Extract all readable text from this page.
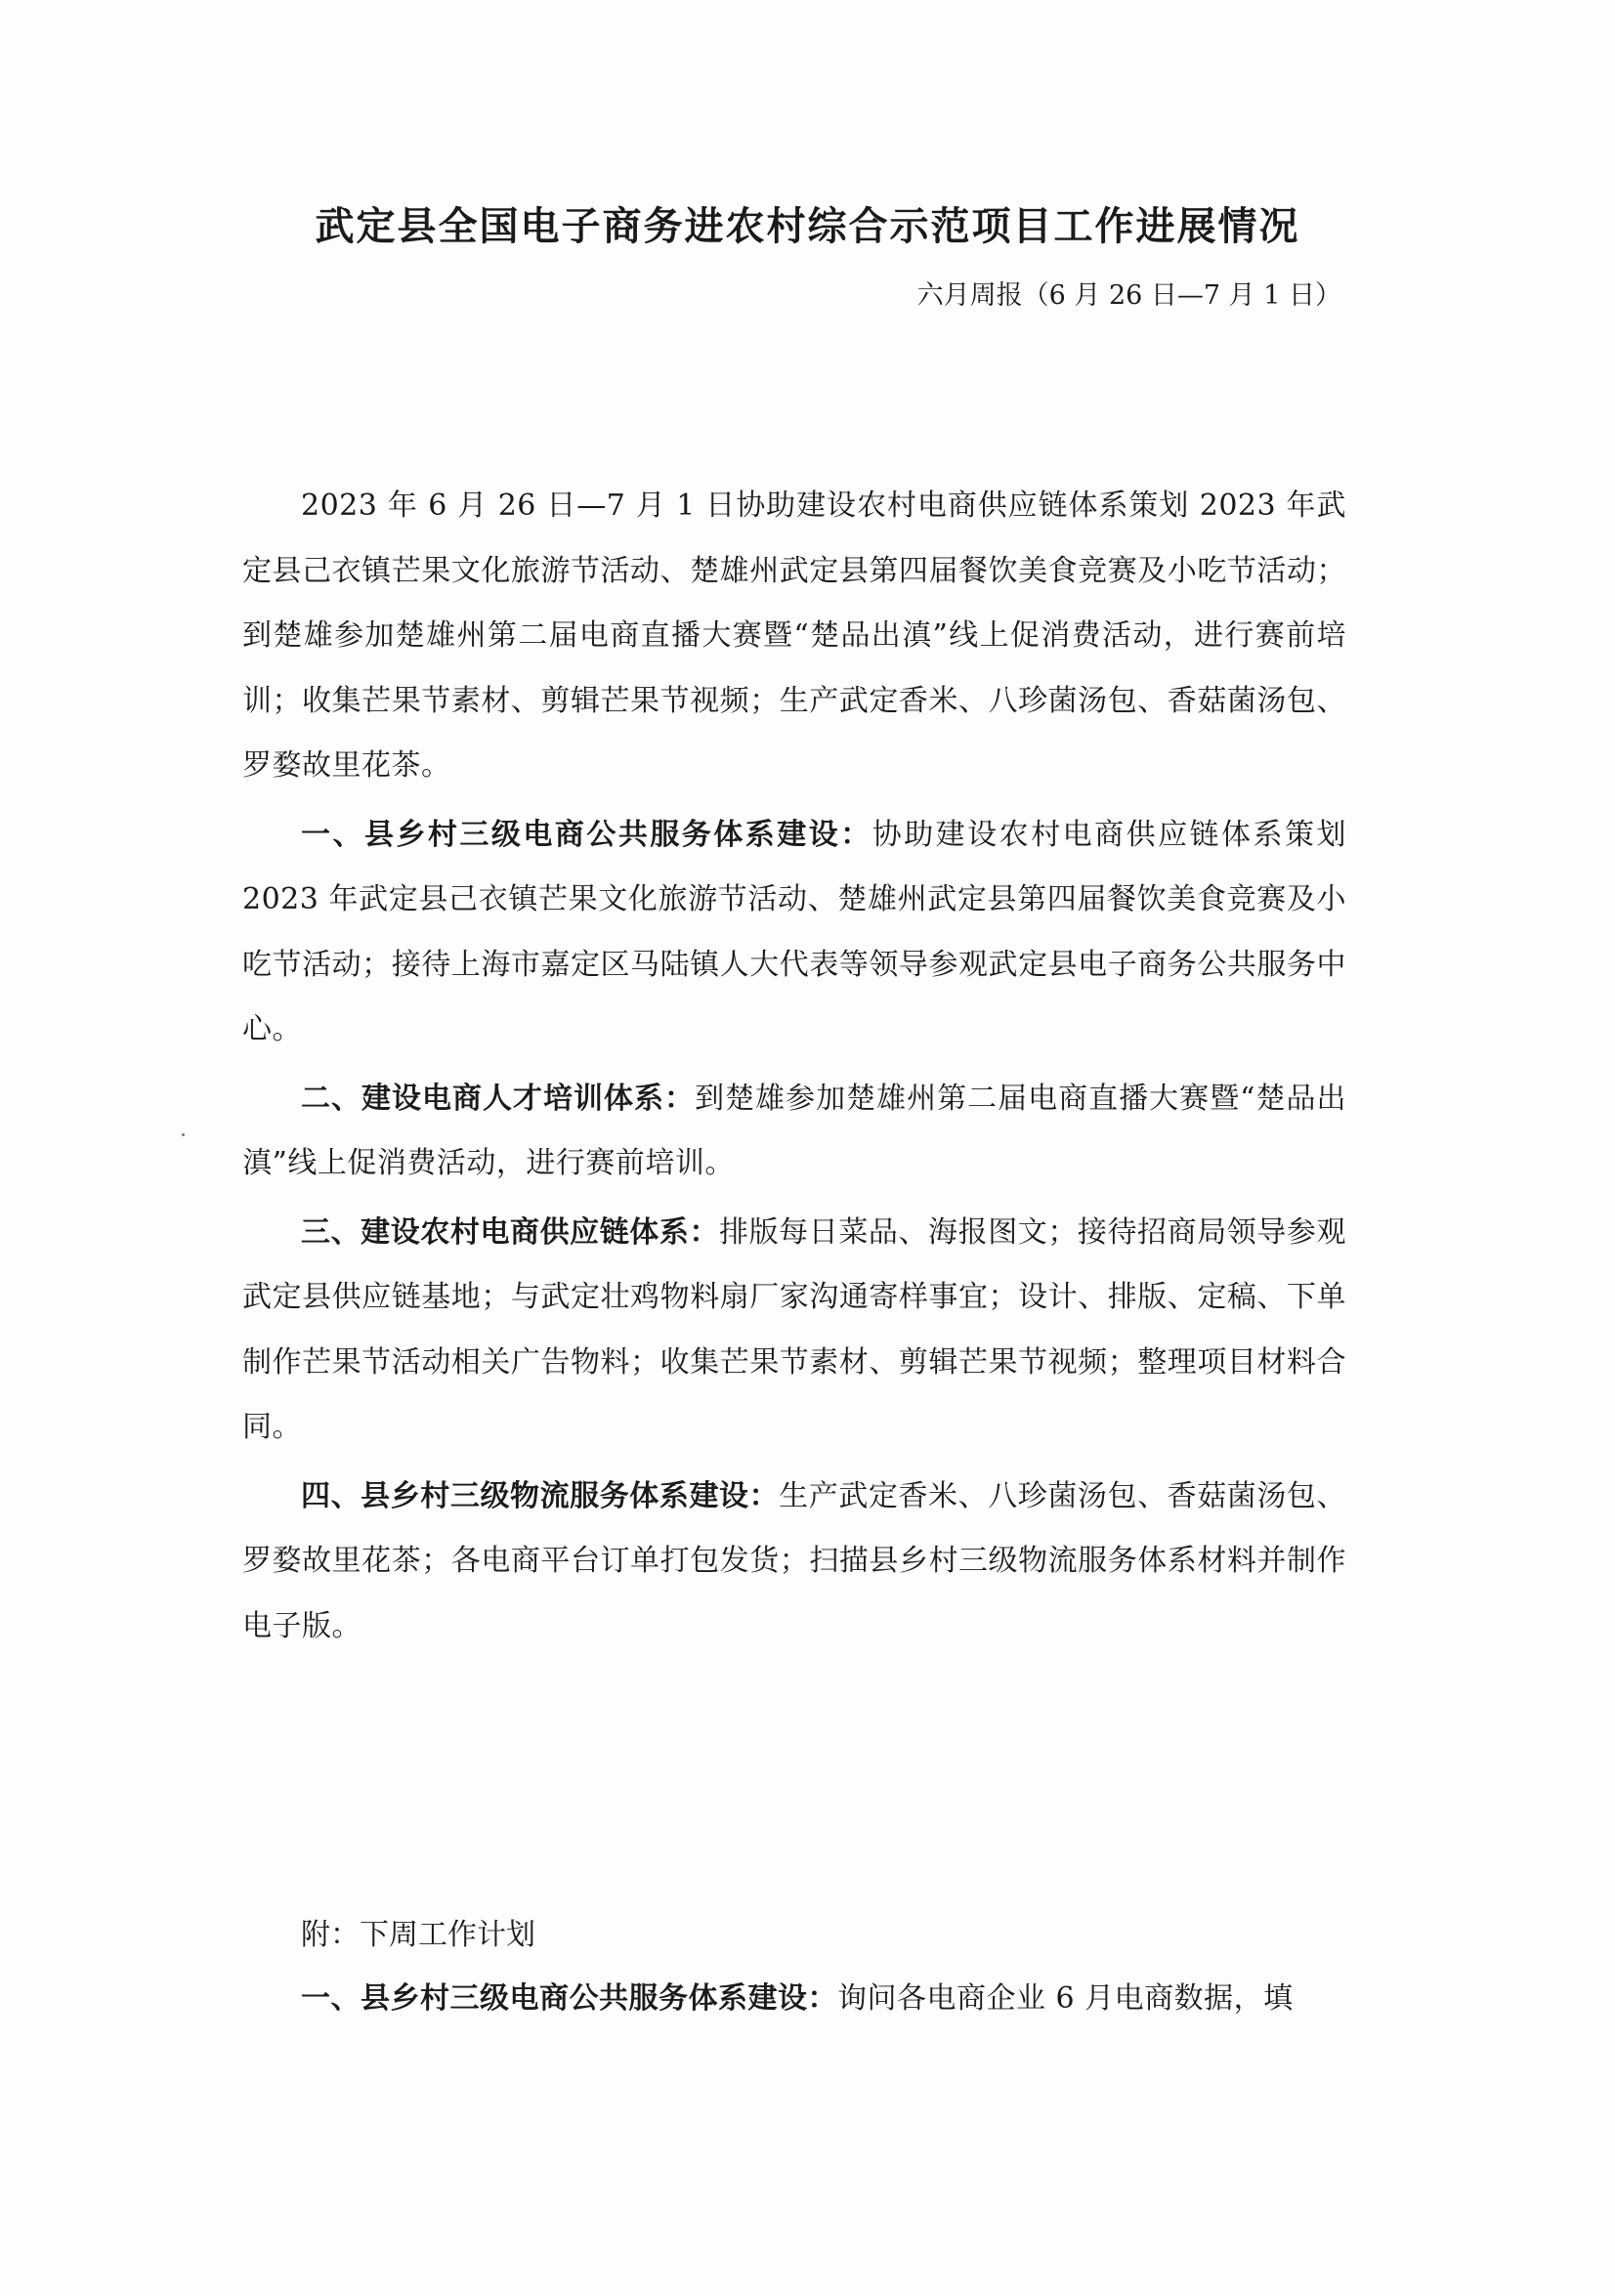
武定县全国电子商务进农村综合示范项目工作进展情况
六月周报（6 月 26 日—7 月 1 日）

2023 年 6 月 26 日—7 月 1 日协助建设农村电商供应链体系策划 2023 年武定县己衣镇芒果文化旅游节活动、楚雄州武定县第四届餐饮美食竞赛及小吃节活动；到楚雄参加楚雄州第二届电商直播大赛暨“楚品出滇”线上促消费活动，进行赛前培训；收集芒果节素材、剪辑芒果节视频；生产武定香米、八珍菌汤包、香菇菌汤包、罗婺故里花茶。

一、县乡村三级电商公共服务体系建设：协助建设农村电商供应链体系策划 2023 年武定县己衣镇芒果文化旅游节活动、楚雄州武定县第四届餐饮美食竞赛及小吃节活动；接待上海市嘉定区马陆镇人大代表等领导参观武定县电子商务公共服务中心。

二、建设电商人才培训体系：到楚雄参加楚雄州第二届电商直播大赛暨“楚品出滇”线上促消费活动，进行赛前培训。

三、建设农村电商供应链体系：排版每日菜品、海报图文；接待招商局领导参观武定县供应链基地；与武定壮鸡物料扇厂家沟通寄样事宜；设计、排版、定稿、下单制作芒果节活动相关广告物料；收集芒果节素材、剪辑芒果节视频；整理项目材料合同。

四、县乡村三级物流服务体系建设：生产武定香米、八珍菌汤包、香菇菌汤包、罗婺故里花茶；各电商平台订单打包发货；扫描县乡村三级物流服务体系材料并制作电子版。

附：下周工作计划
一、县乡村三级电商公共服务体系建设：询问各电商企业 6 月电商数据，填
